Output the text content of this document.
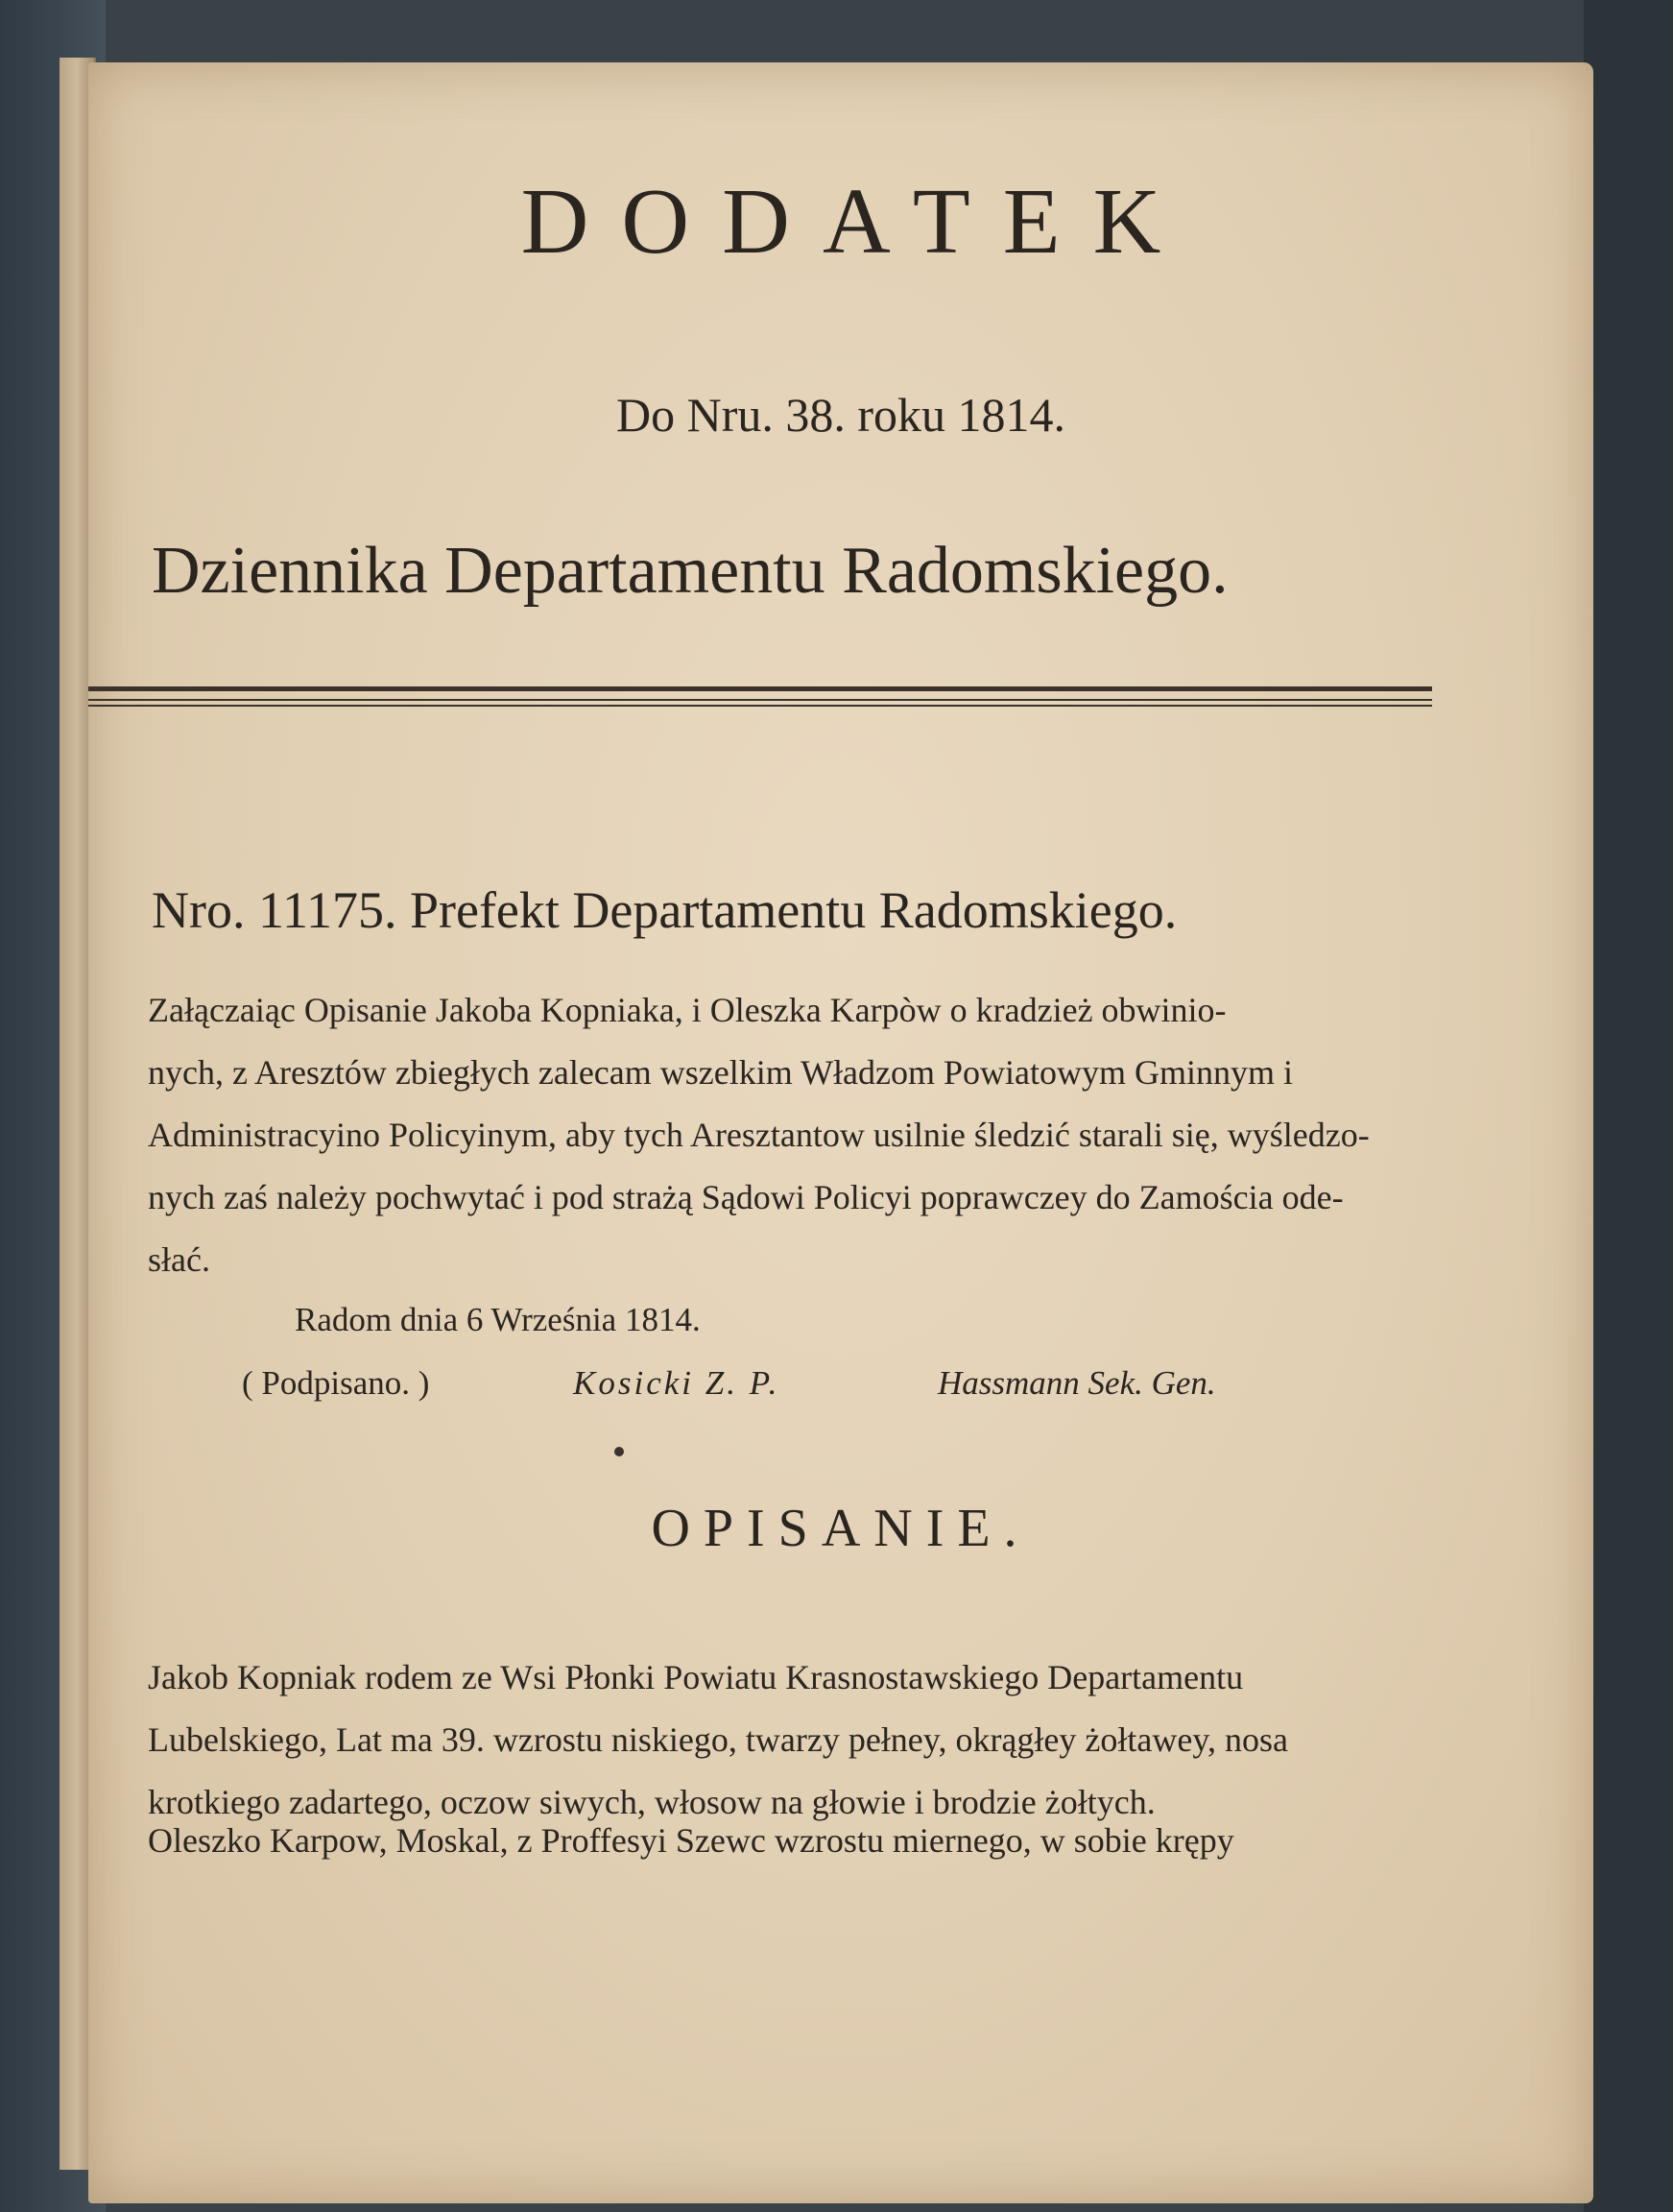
DODATEK
Do Nru. 38. roku 1814.
Dziennika Departamentu Radomskiego.
Nro. 11175. Prefekt Departamentu Radomskiego.
Załączaiąc Opisanie Jakoba Kopniaka, i Oleszka Karpòw o kradzież obwinio-
nych, z Aresztów zbiegłych zalecam wszelkim Władzom Powiatowym Gminnym i
Administracyino Policyinym, aby tych Aresztantow usilnie śledzić starali się, wyśledzo-
nych zaś należy pochwytać i pod strażą Sądowi Policyi poprawczey do Zamościa ode-
słać.
Radom dnia 6 Września 1814.
( Podpisano. )	Kosicki Z. P.	Hassmann Sek. Gen.
OPISANIE.
Jakob Kopniak rodem ze Wsi Płonki Powiatu Krasnostawskiego Departamentu
Lubelskiego, Lat ma 39. wzrostu niskiego, twarzy pełney, okrągłey żołtawey, nosa
krotkiego zadartego, oczow siwych, włosow na głowie i brodzie żołtych.
Oleszko Karpow, Moskal, z Proffesyi Szewc wzrostu miernego, w sobie krępy
